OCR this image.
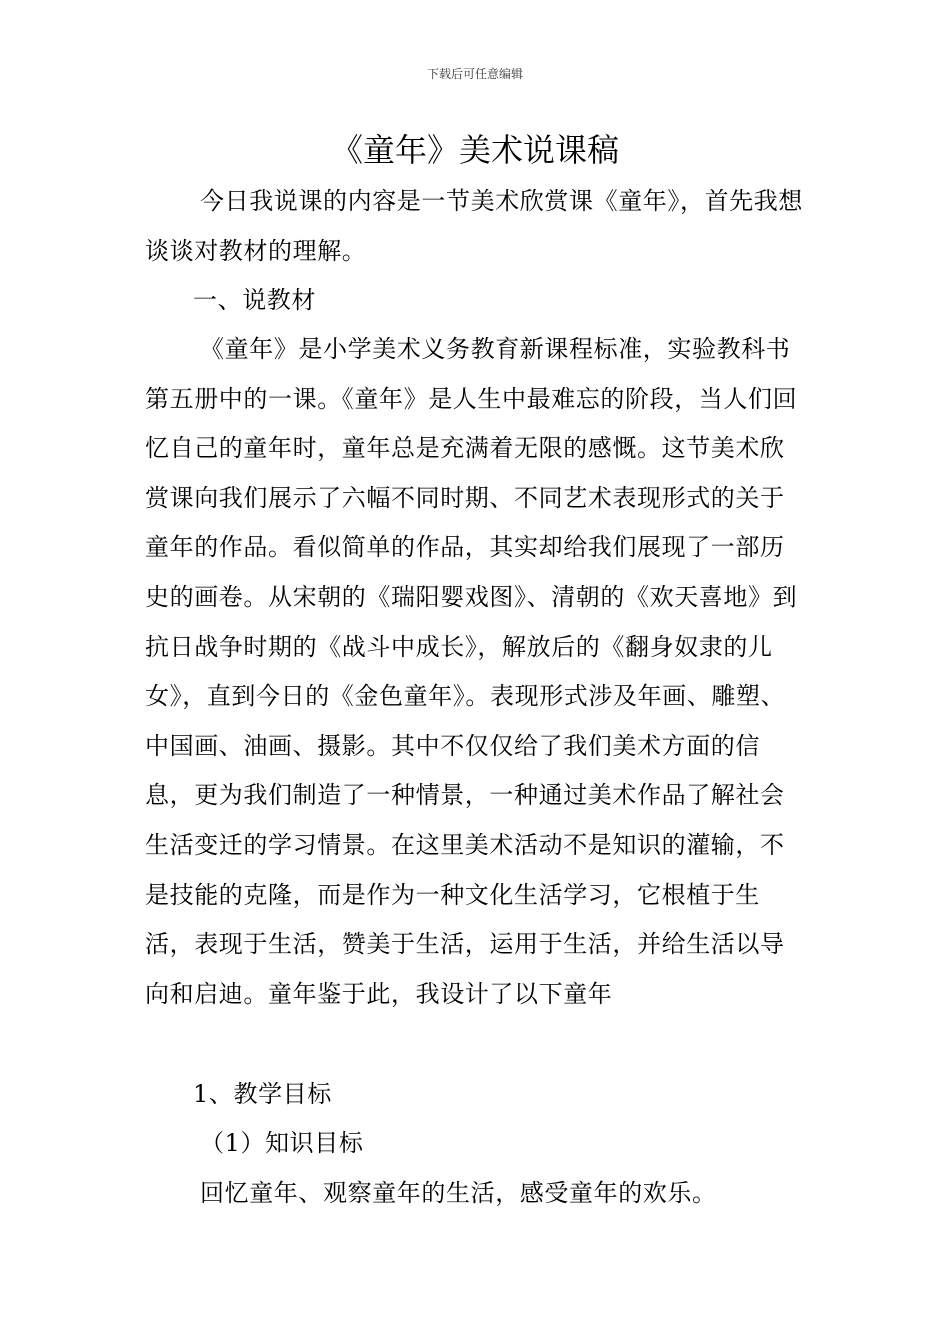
下载后可任意编辑
《童年》美术说课稿

今日我说课的内容是一节美术欣赏课《童年》，首先我想谈谈对教材的理解。

一、说教材

《童年》是小学美术义务教育新课程标准，实验教科书第五册中的一课。《童年》是人生中最难忘的阶段，当人们回忆自己的童年时，童年总是充满着无限的感慨。这节美术欣赏课向我们展示了六幅不同时期、不同艺术表现形式的关于童年的作品。看似简单的作品，其实却给我们展现了一部历史的画卷。从宋朝的《瑞阳婴戏图》、清朝的《欢天喜地》到抗日战争时期的《战斗中成长》，解放后的《翻身奴隶的儿女》，直到今日的《金色童年》。表现形式涉及年画、雕塑、中国画、油画、摄影。其中不仅仅给了我们美术方面的信息，更为我们制造了一种情景，一种通过美术作品了解社会生活变迁的学习情景。在这里美术活动不是知识的灌输，不是技能的克隆，而是作为一种文化生活学习，它根植于生活，表现于生活，赞美于生活，运用于生活，并给生活以导向和启迪。童年鉴于此，我设计了以下童年

1、教学目标

（1）知识目标

回忆童年、观察童年的生活，感受童年的欢乐。
